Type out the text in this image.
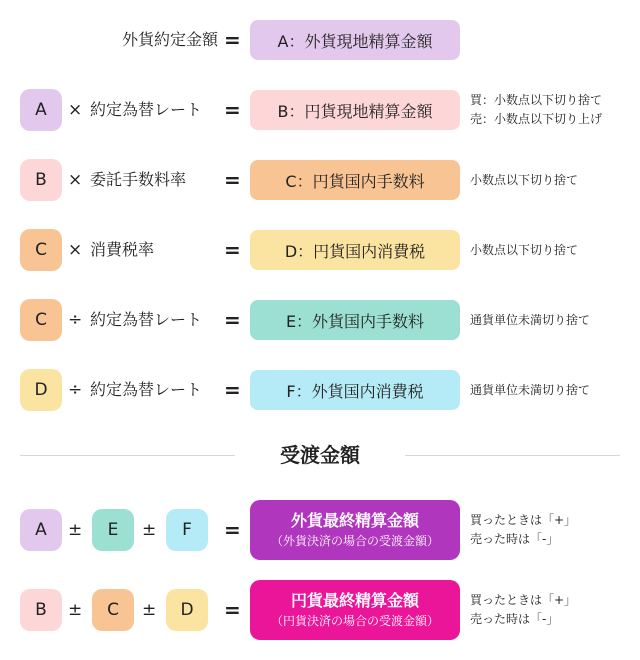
外貨約定金額 =	A：外貨現地精算金額
A	× 約定為替レート =	B：円貨現地精算金額
買：小数点以下切り捨て
売：小数点以下切り上げ
B	× 委託手数料率 =	C：円貨国内手数料	小数点以下切り捨て
C	× 消費税率	=	D：円貨国内消費税	小数点以下切り捨て
C	÷ 約定為替レート =	E：外貨国内手数料	通貨単位未満切り捨て
D	÷ 約定為替レート =	F：外貨国内消費税	通貨単位未満切り捨て
受渡金額
A	±	E	±	F	=	外貨最終精算金額
（外貨決済の場合の受渡金額）
買ったときは「+」
売った時は「-」
B	±	C	±	D	=	円貨最終精算金額
（円貨決済の場合の受渡金額）
買ったときは「+」
売った時は「-」
